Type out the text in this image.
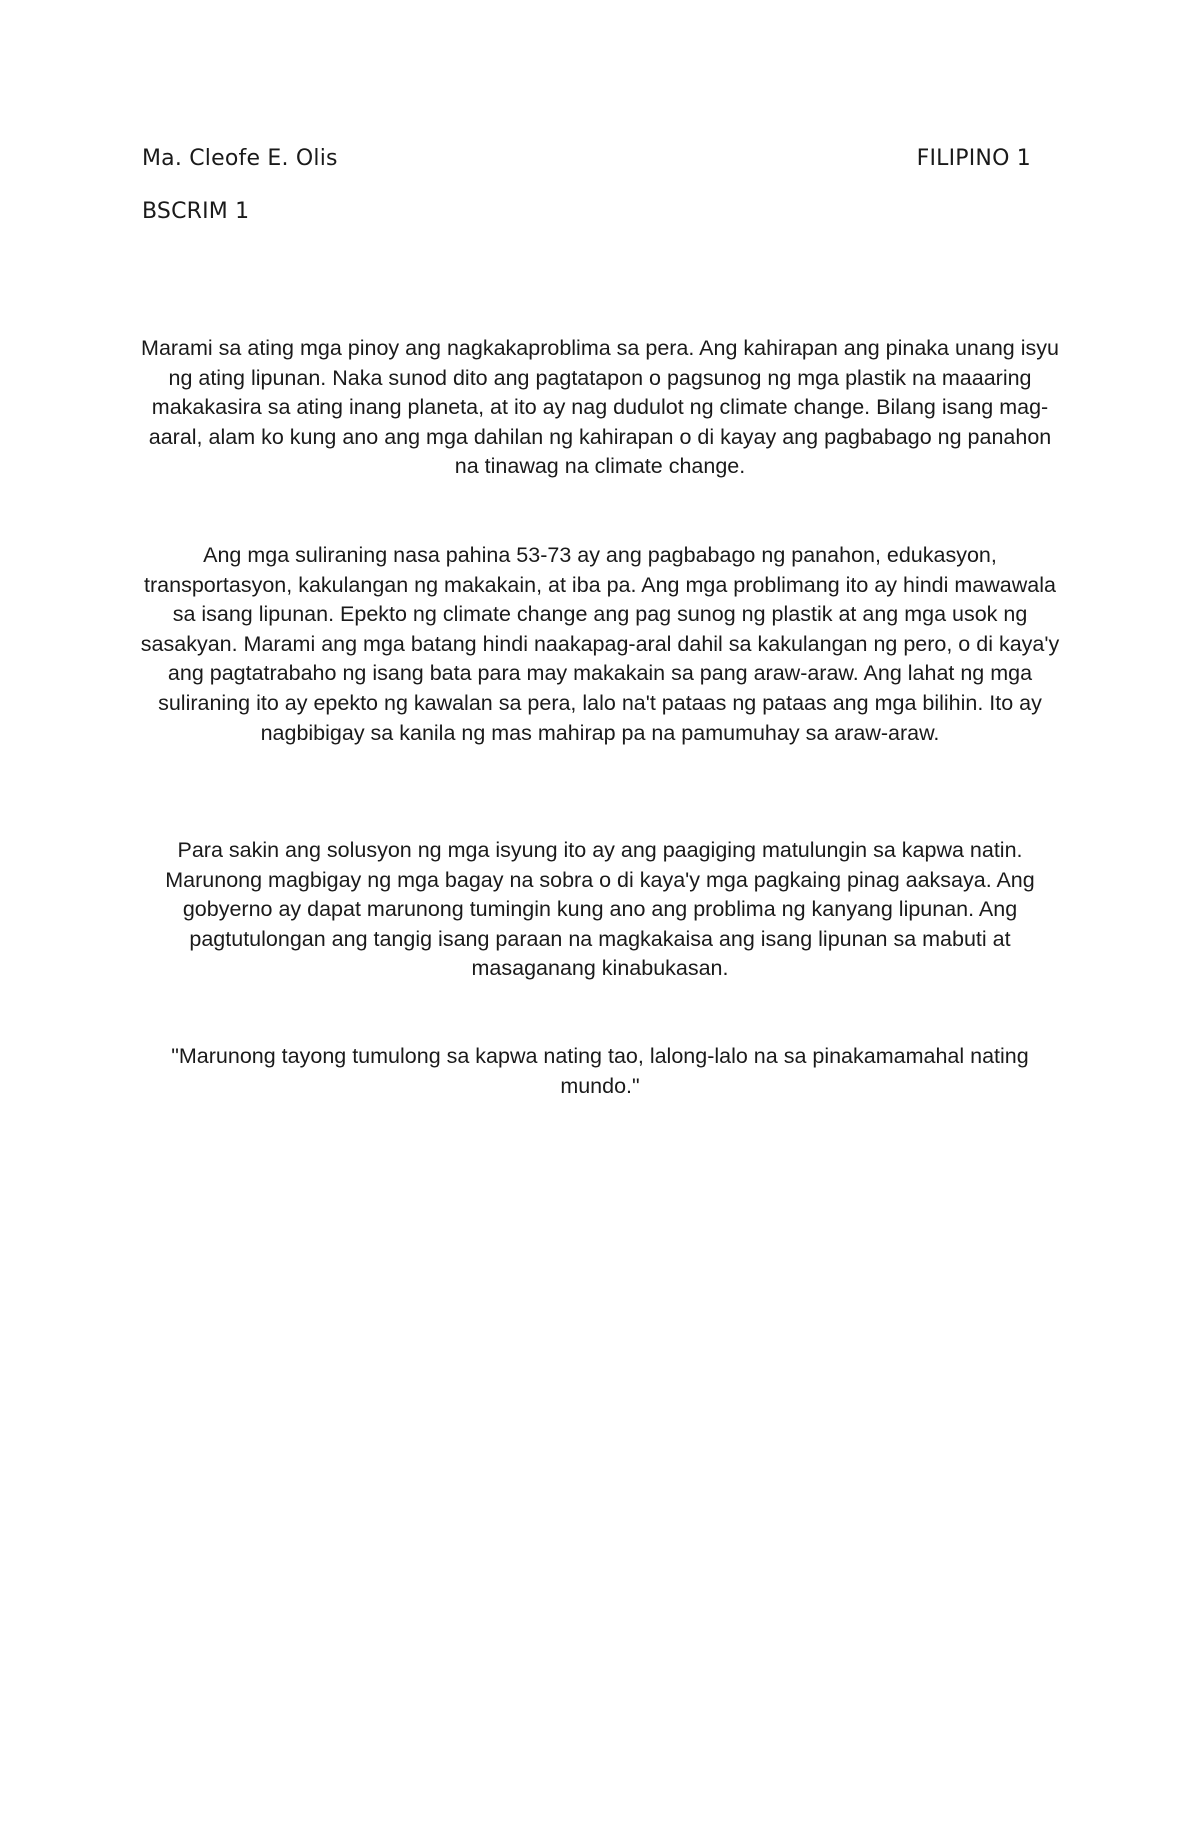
Ma. Cleofe E. Olis	FILIPINO 1
BSCRIM 1

Marami sa ating mga pinoy ang nagkakaproblima sa pera. Ang kahirapan ang pinaka unang isyu ng ating lipunan. Naka sunod dito ang pagtatapon o pagsunog ng mga plastik na maaaring makakasira sa ating inang planeta, at ito ay nag dudulot ng climate change. Bilang isang mag-aaral, alam ko kung ano ang mga dahilan ng kahirapan o di kayay ang pagbabago ng panahon na tinawag na climate change.

Ang mga suliraning nasa pahina 53-73 ay ang pagbabago ng panahon, edukasyon, transportasyon, kakulangan ng makakain, at iba pa. Ang mga problimang ito ay hindi mawawala sa isang lipunan. Epekto ng climate change ang pag sunog ng plastik at ang mga usok ng sasakyan. Marami ang mga batang hindi naakapag-aral dahil sa kakulangan ng pero, o di kaya'y ang pagtatrabaho ng isang bata para may makakain sa pang araw-araw. Ang lahat ng mga suliraning ito ay epekto ng kawalan sa pera, lalo na't pataas ng pataas ang mga bilihin. Ito ay nagbibigay sa kanila ng mas mahirap pa na pamumuhay sa araw-araw.

Para sakin ang solusyon ng mga isyung ito ay ang paagiging matulungin sa kapwa natin. Marunong magbigay ng mga bagay na sobra o di kaya'y mga pagkaing pinag aaksaya. Ang gobyerno ay dapat marunong tumingin kung ano ang problima ng kanyang lipunan. Ang pagtutulongan ang tangig isang paraan na magkakaisa ang isang lipunan sa mabuti at masaganang kinabukasan.

"Marunong tayong tumulong sa kapwa nating tao, lalong-lalo na sa pinakamamahal nating mundo."
